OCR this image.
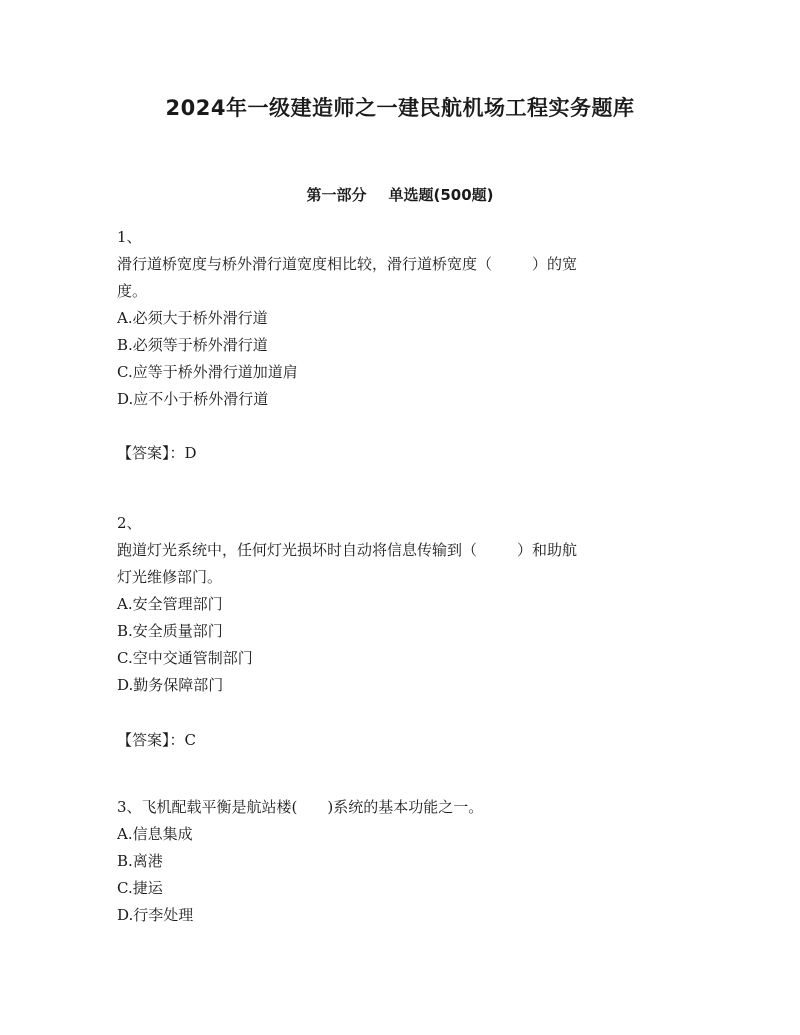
2024年一级建造师之一建民航机场工程实务题库
第一部分 单选题(500题)
1、
滑行道桥宽度与桥外滑行道宽度相比较，滑行道桥宽度（	）的宽
度。
A.必须大于桥外滑行道
B.必须等于桥外滑行道
C.应等于桥外滑行道加道肩
D.应不小于桥外滑行道
【答案】：D
2、
跑道灯光系统中，任何灯光损坏时自动将信息传输到（	）和助航
灯光维修部门。
A.安全管理部门
B.安全质量部门
C.空中交通管制部门
D.勤务保障部门
【答案】：C
3、飞机配载平衡是航站楼( )系统的基本功能之一。
A.信息集成
B.离港
C.捷运
D.行李处理
